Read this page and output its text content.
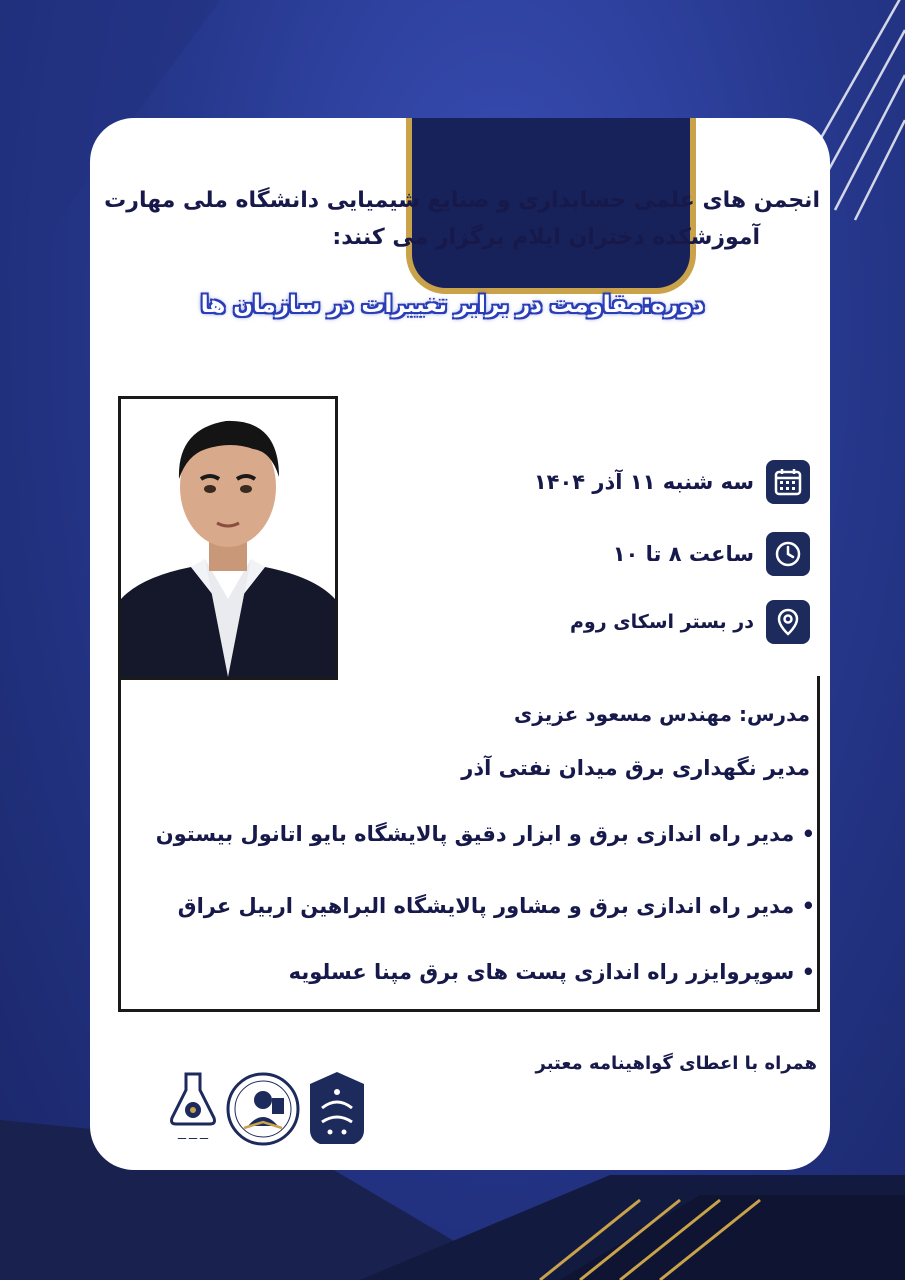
انجمن های علمی حسابداری و صنایع شیمیایی دانشگاه ملی مهارت
آموزشکده دختران ایلام برگزار می کنند:
دوره:مقاومت در برابر تغییرات در سازمان ها
سه شنبه ۱۱ آذر ۱۴۰۴
ساعت ۸ تا ۱۰
در بستر اسکای روم
مدرس: مهندس مسعود عزیزی
مدیر نگهداری برق میدان نفتی آذر
• مدیر راه اندازی برق و ابزار دقیق پالایشگاه بایو اتانول بیستون
• مدیر راه اندازی برق و مشاور پالایشگاه البراهین اربیل عراق
• سوپروایزر راه اندازی پست های برق مپنا عسلویه
همراه با اعطای گواهینامه معتبر
ـــ ـــ ـــ
